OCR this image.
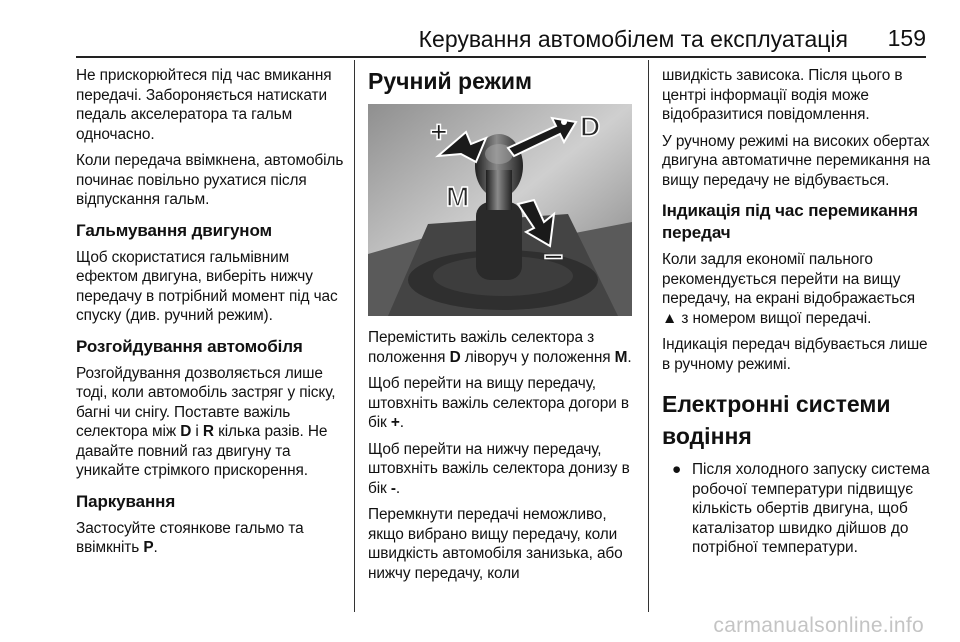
Керування автомобілем та експлуатація 159

Не прискорюйтеся під час вмикання передачі. Забороняється натискати педаль акселератора та гальм одночасно.

Коли передача ввімкнена, автомобіль починає повільно рухатися після відпускання гальм.

Гальмування двигуном

Щоб скористатися гальмівним ефектом двигуна, виберіть нижчу передачу в потрібний момент під час спуску (див. ручний режим).

Розгойдування автомобіля

Розгойдування дозволяється лише тоді, коли автомобіль застряг у піску, багні чи снігу. Поставте важіль селектора між D і R кілька разів. Не давайте повний газ двигуну та уникайте стрімкого прискорення.

Паркування

Застосуйте стоянкове гальмо та ввімкніть P.

Ручний режим
+
–
M
D

Перемістить важіль селектора з положення D ліворуч у положення M.

Щоб перейти на вищу передачу, штовхніть важіль селектора догори в бік +.

Щоб перейти на нижчу передачу, штовхніть важіль селектора донизу в бік -.

Перемкнути передачі неможливо, якщо вибрано вищу передачу, коли швидкість автомобіля занизька, або нижчу передачу, коли

швидкість зависока. Після цього в центрі інформації водія може відобразитися повідомлення.

У ручному режимі на високих обертах двигуна автоматичне перемикання на вищу передачу не відбувається.

Індикація під час перемикання передач

Коли задля економії пального рекомендується перейти на вищу передачу, на екрані відображається ▲ з номером вищої передачі.

Індикація передач відбувається лише в ручному режимі.

Електронні системи водіння
● Після холодного запуску система робочої температури підвищує кількість обертів двигуна, щоб каталізатор швидко дійшов до потрібної температури.
carmanualsonline.info
